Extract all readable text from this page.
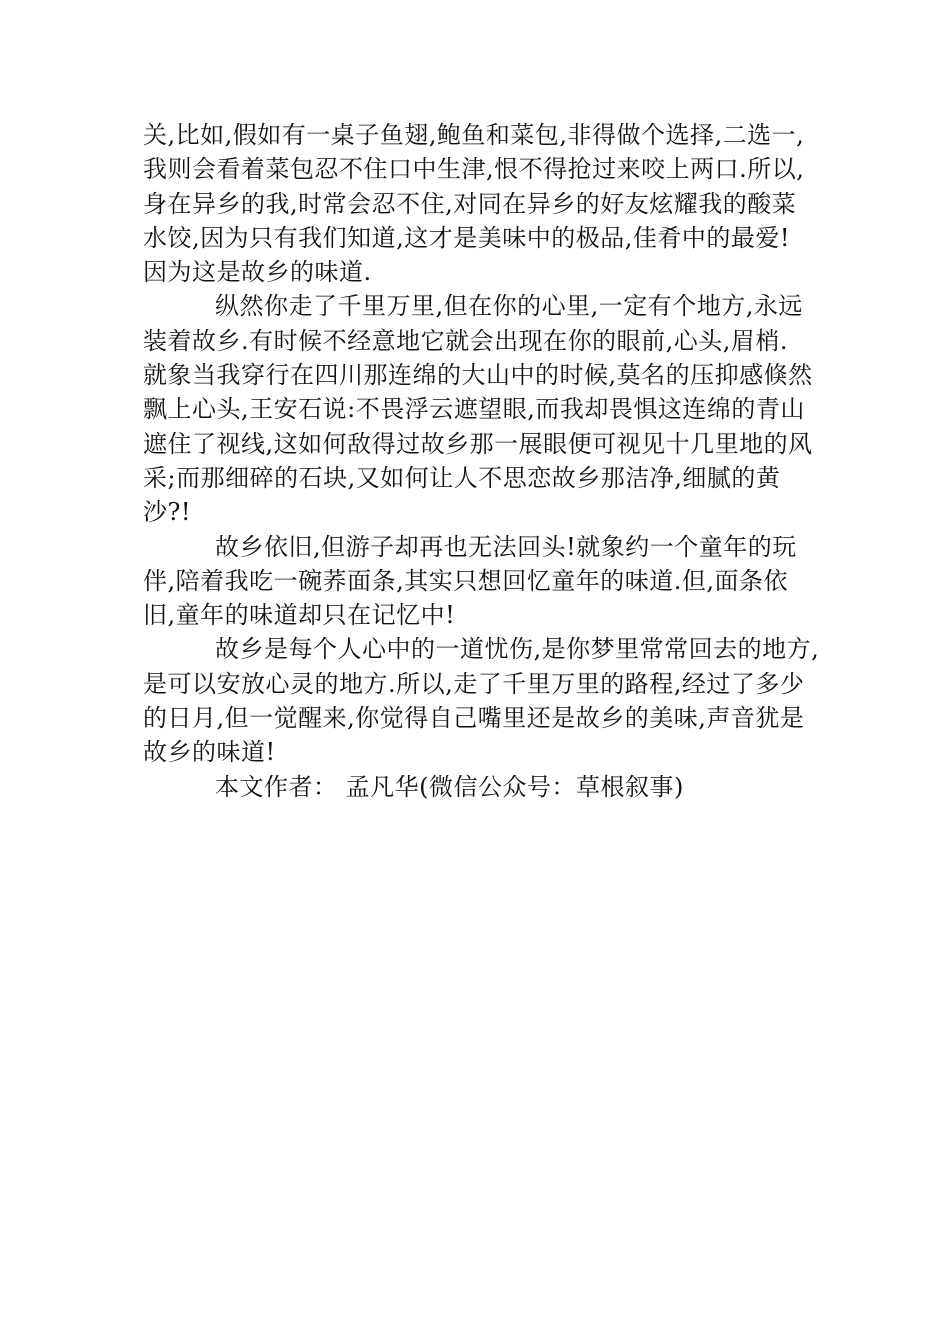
关,比如,假如有一桌子鱼翅,鲍鱼和菜包,非得做个选择,二选一,
我则会看着菜包忍不住口中生津,恨不得抢过来咬上两口.所以,
身在异乡的我,时常会忍不住,对同在异乡的好友炫耀我的酸菜
水饺,因为只有我们知道,这才是美味中的极品,佳肴中的最爱!
因为这是故乡的味道.
纵然你走了千里万里,但在你的心里,一定有个地方,永远
装着故乡.有时候不经意地它就会出现在你的眼前,心头,眉梢.
就象当我穿行在四川那连绵的大山中的时候,莫名的压抑感倏然
飘上心头,王安石说:不畏浮云遮望眼,而我却畏惧这连绵的青山
遮住了视线,这如何敌得过故乡那一展眼便可视见十几里地的风
采;而那细碎的石块,又如何让人不思恋故乡那洁净,细腻的黄
沙?!
故乡依旧,但游子却再也无法回头!就象约一个童年的玩
伴,陪着我吃一碗荞面条,其实只想回忆童年的味道.但,面条依
旧,童年的味道却只在记忆中!
故乡是每个人心中的一道忧伤,是你梦里常常回去的地方,
是可以安放心灵的地方.所以,走了千里万里的路程,经过了多少
的日月,但一觉醒来,你觉得自己嘴里还是故乡的美味,声音犹是
故乡的味道!
本文作者： 孟凡华(微信公众号：草根叙事)
